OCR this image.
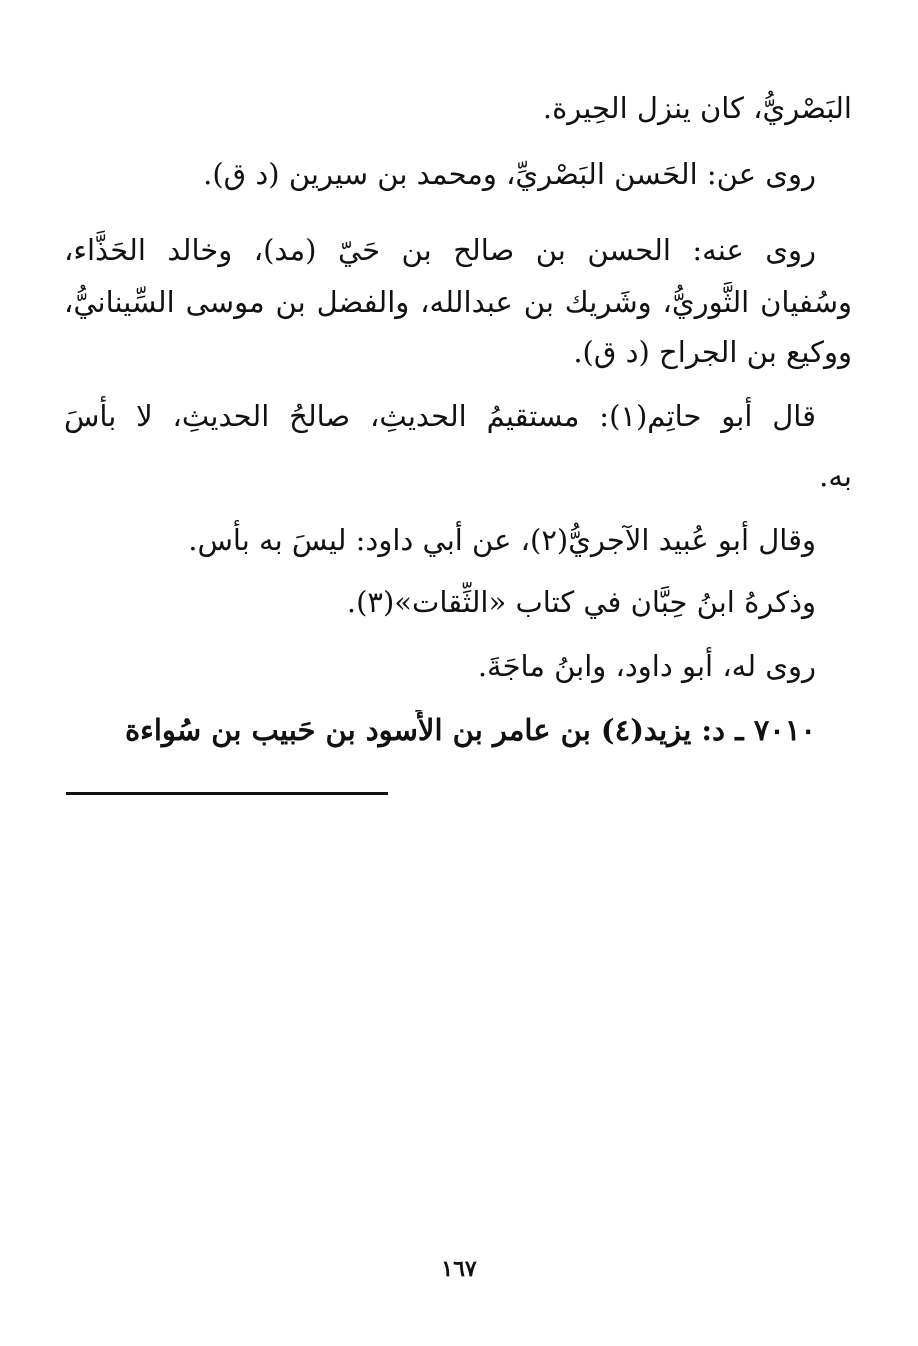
البَصْريُّ، كان ينزل الحِيرة.
روى عن: الحَسن البَصْريِّ، ومحمد بن سيرين (د ق).
روى عنه: الحسن بن صالح بن حَيّ (مد)، وخالد الحَذَّاء،
وسُفيان الثَّوريُّ، وشَريك بن عبدالله، والفضل بن موسى السِّينانيُّ،
ووكيع بن الجراح (د ق).
قال أبو حاتِم(١): مستقيمُ الحديثِ، صالحُ الحديثِ، لا بأسَ
به.
وقال أبو عُبيد الآجريُّ(٢)، عن أبي داود: ليسَ به بأس.
وذكرهُ ابنُ حِبَّان في كتاب «الثِّقات»(٣).
روى له، أبو داود، وابنُ ماجَةَ.
٧٠١٠ ـ د: يزيد(٤) بن عامر بن الأَسود بن حَبيب بن سُواءة
١٦٧
